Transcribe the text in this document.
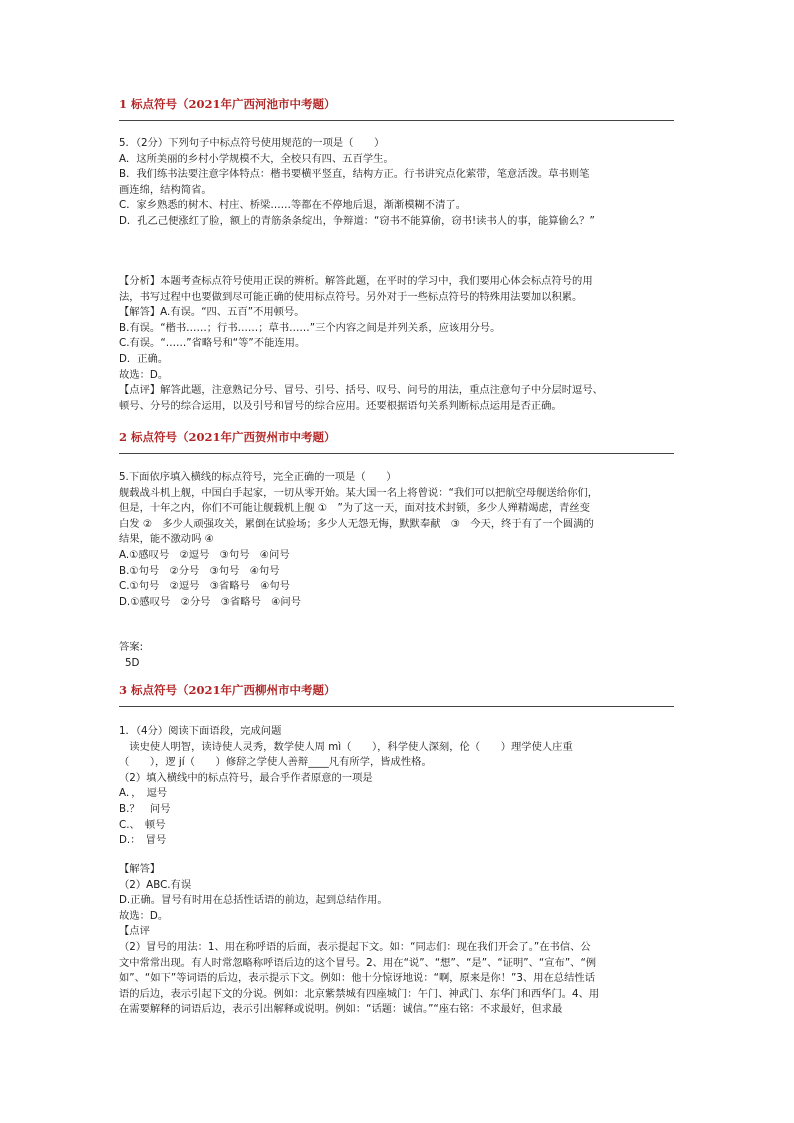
1 标点符号（2021年广西河池市中考题）
5．（2分）下列句子中标点符号使用规范的一项是（　　）
A．这所美丽的乡村小学规模不大，全校只有四、五百学生。
B．我们练书法要注意字体特点：楷书要横平竖直，结构方正。行书讲究点化萦带，笔意活泼。草书则笔
画连绵，结构简省。
C．家乡熟悉的树木、村庄、桥梁……等都在不停地后退，渐渐模糊不清了。
D．孔乙己便涨红了脸，额上的青筋条条绽出，争辩道：“窃书不能算偷，窃书!读书人的事，能算偷么？”
【分析】本题考查标点符号使用正误的辨析。解答此题，在平时的学习中，我们要用心体会标点符号的用
法，书写过程中也要做到尽可能正确的使用标点符号。另外对于一些标点符号的特殊用法要加以积累。
【解答】A.有误。“四、五百”不用顿号。
B.有误。“楷书……；行书……；草书……”三个内容之间是并列关系，应该用分号。
C.有误。“……”省略号和“等”不能连用。
D．正确。
故选：D。
【点评】解答此题，注意熟记分号、冒号、引号、括号、叹号、问号的用法，重点注意句子中分层时逗号、
顿号、分号的综合运用，以及引号和冒号的综合应用。还要根据语句关系判断标点运用是否正确。
2 标点符号（2021年广西贺州市中考题）
5.下面依序填入横线的标点符号，完全正确的一项是（　　）
舰载战斗机上舰，中国白手起家，一切从零开始。某大国一名上将曾说：“我们可以把航空母舰送给你们，
但是，十年之内，你们不可能让舰载机上舰 ①　”为了这一天，面对技术封锁，多少人殚精竭虑，青丝变
白发 ②　多少人顽强攻关，累倒在试验场；多少人无怨无悔，默默奉献　③　今天，终于有了一个圆满的
结果，能不激动吗 ④
A.①感叹号　②逗号　③句号　④问号
B.①句号　②分号　③句号　④句号
C.①句号　②逗号　③省略号　④句号
D.①感叹号　②分号　③省略号　④问号
答案:
5D
3 标点符号（2021年广西柳州市中考题）
1．（4分）阅读下面语段，完成问题
　读史使人明智，读诗使人灵秀，数学使人周 mì（　　），科学使人深刻，伦（　　）理学使人庄重
（　　），逻 jí（　　）修辞之学使人善辩____凡有所学，皆成性格。
（2）填入横线中的标点符号，最合乎作者原意的一项是
A．，　逗号
B.？　问号
C.、　顿号
D.：　冒号
【解答】
（2）ABC.有误
D.正确。冒号有时用在总括性话语的前边，起到总结作用。
故选：D。
【点评
（2）冒号的用法：1、用在称呼语的后面，表示提起下文。如：“同志们：现在我们开会了。”在书信、公
文中常常出现。有人时常忽略称呼语后边的这个冒号。2、用在“说”、“想”、“是”、“证明”、“宣布”、“例
如”、“如下”等词语的后边，表示提示下文。例如：他十分惊讶地说：“啊，原来是你！”3、用在总结性话
语的后边，表示引起下文的分说。例如：北京紫禁城有四座城门：午门、神武门、东华门和西华门。4、用
在需要解释的词语后边，表示引出解释或说明。例如：“话题：诚信。”“座右铭：不求最好，但求最
